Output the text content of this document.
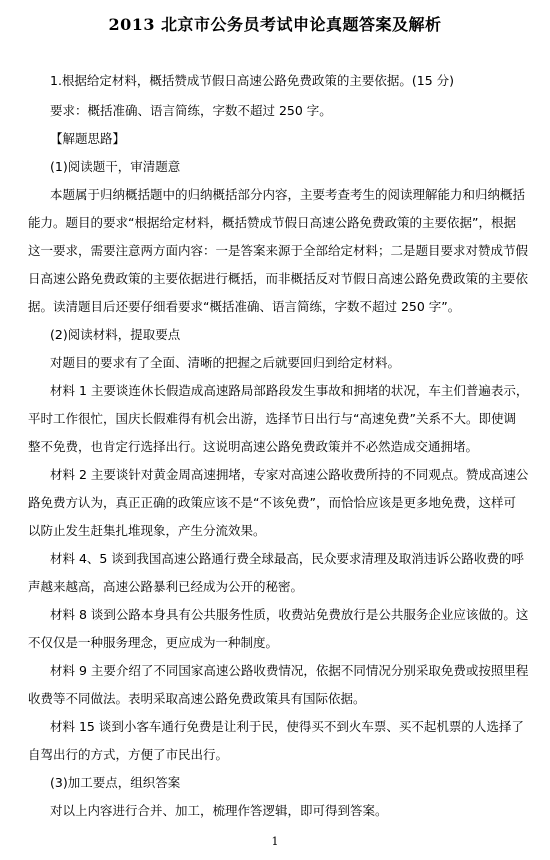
2013 北京市公务员考试申论真题答案及解析
1.根据给定材料，概括赞成节假日高速公路免费政策的主要依据。(15 分)
要求：概括准确、语言简练，字数不超过 250 字。
【解题思路】
(1)阅读题干，审清题意
本题属于归纳概括题中的归纳概括部分内容，主要考查考生的阅读理解能力和归纳概括
能力。题目的要求“根据给定材料，概括赞成节假日高速公路免费政策的主要依据”，根据
这一要求，需要注意两方面内容：一是答案来源于全部给定材料；二是题目要求对赞成节假
日高速公路免费政策的主要依据进行概括，而非概括反对节假日高速公路免费政策的主要依
据。读清题目后还要仔细看要求“概括准确、语言简练，字数不超过 250 字”。
(2)阅读材料，提取要点
对题目的要求有了全面、清晰的把握之后就要回归到给定材料。
材料 1 主要谈连休长假造成高速路局部路段发生事故和拥堵的状况，车主们普遍表示，
平时工作很忙，国庆长假难得有机会出游，选择节日出行与“高速免费”关系不大。即使调
整不免费，也肯定行选择出行。这说明高速公路免费政策并不必然造成交通拥堵。
材料 2 主要谈针对黄金周高速拥堵，专家对高速公路收费所持的不同观点。赞成高速公
路免费方认为，真正正确的政策应该不是“不该免费”，而恰恰应该是更多地免费，这样可
以防止发生赶集扎堆现象，产生分流效果。
材料 4、5 谈到我国高速公路通行费全球最高，民众要求清理及取消违诉公路收费的呼
声越来越高，高速公路暴利已经成为公开的秘密。
材料 8 谈到公路本身具有公共服务性质，收费站免费放行是公共服务企业应该做的。这
不仅仅是一种服务理念，更应成为一种制度。
材料 9 主要介绍了不同国家高速公路收费情况，依据不同情况分别采取免费或按照里程
收费等不同做法。表明采取高速公路免费政策具有国际依据。
材料 15 谈到小客车通行免费是让利于民，使得买不到火车票、买不起机票的人选择了
自驾出行的方式，方便了市民出行。
(3)加工要点，组织答案
对以上内容进行合并、加工，梳理作答逻辑，即可得到答案。
1
